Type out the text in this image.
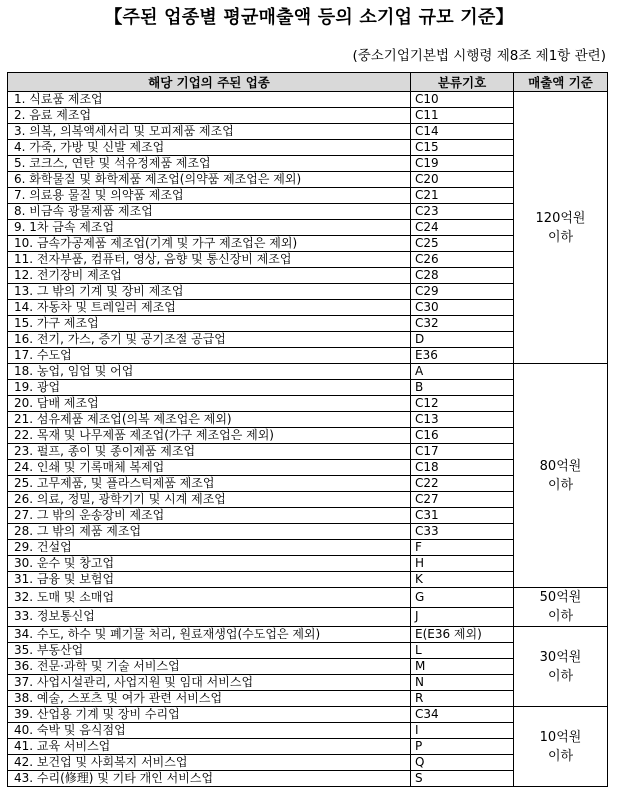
【주된 업종별 평균매출액 등의 소기업 규모 기준】
(중소기업기본법 시행령 제8조 제1항 관련)
해당 기업의 주된 업종	분류기호	매출액 기준
1. 식료품 제조업	C10	120억원
이하

2. 음료 제조업	C11	
3. 의복, 의복액세서리 및 모피제품 제조업	C14	
4. 가죽, 가방 및 신발 제조업	C15	
5. 코크스, 연탄 및 석유정제품 제조업	C19	
6. 화학물질 및 화학제품 제조업(의약품 제조업은 제외)	C20	
7. 의료용 물질 및 의약품 제조업	C21	
8. 비금속 광물제품 제조업	C23	
9. 1차 금속 제조업	C24	
10. 금속가공제품 제조업(기계 및 가구 제조업은 제외)	C25	
11. 전자부품, 컴퓨터, 영상, 음향 및 통신장비 제조업	C26	
12. 전기장비 제조업	C28	
13. 그 밖의 기계 및 장비 제조업	C29	
14. 자동차 및 트레일러 제조업	C30	
15. 가구 제조업	C32	
16. 전기, 가스, 증기 및 공기조절 공급업	D	
17. 수도업	E36	
18. 농업, 임업 및 어업	A	80억원
이하

19. 광업	B	
20. 담배 제조업	C12	
21. 섬유제품 제조업(의복 제조업은 제외)	C13	
22. 목재 및 나무제품 제조업(가구 제조업은 제외)	C16	
23. 펄프, 종이 및 종이제품 제조업	C17	
24. 인쇄 및 기록매체 복제업	C18	
25. 고무제품, 및 플라스틱제품 제조업	C22	
26. 의료, 정밀, 광학기기 및 시계 제조업	C27	
27. 그 밖의 운송장비 제조업	C31	
28. 그 밖의 제품 제조업	C33	
29. 건설업	F	
30. 운수 및 창고업	H	
31. 금융 및 보험업	K	
32. 도매 및 소매업	G	50억원
이하

33. 정보통신업	J	
34. 수도, 하수 및 폐기물 처리, 원료재생업(수도업은 제외)	E(E36 제외)	30억원
이하

35. 부동산업	L	
36. 전문·과학 및 기술 서비스업	M	
37. 사업시설관리, 사업지원 및 임대 서비스업	N	
38. 예술, 스포츠 및 여가 관련 서비스업	R	
39. 산업용 기계 및 장비 수리업	C34	10억원
이하

40. 숙박 및 음식점업	I	
41. 교육 서비스업	P	
42. 보건업 및 사회복지 서비스업	Q	
43. 수리(修理) 및 기타 개인 서비스업	S	
